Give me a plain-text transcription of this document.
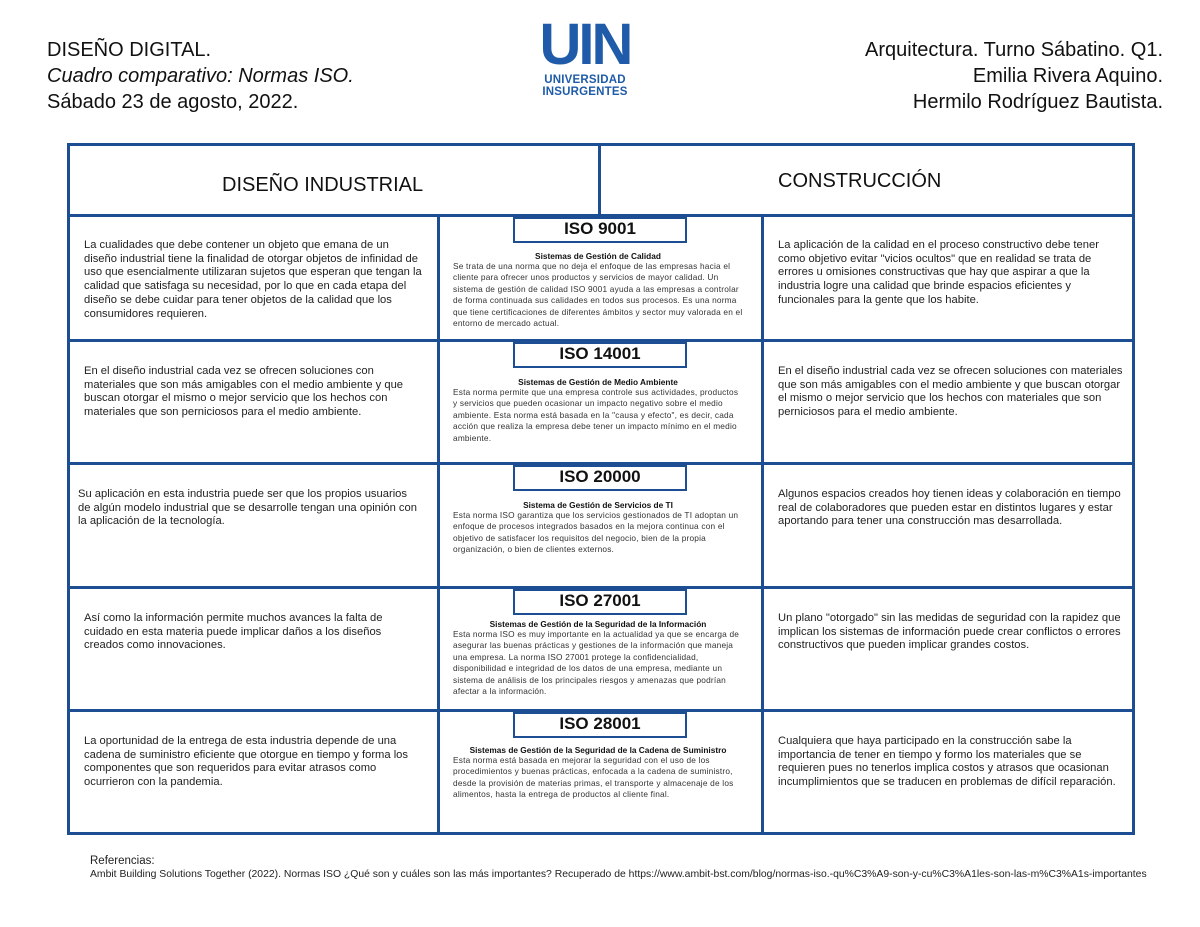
DISEÑO DIGITAL.
Cuadro comparativo: Normas ISO.
Sábado 23 de agosto, 2022.
UIN
UNIVERSIDAD
INSURGENTES
Arquitectura. Turno Sábatino. Q1.
Emilia Rivera Aquino.
Hermilo Rodríguez Bautista.
DISEÑO INDUSTRIAL	CONSTRUCCIÓN
La cualidades que debe contener un objeto que emana de un diseño industrial tiene la finalidad de otorgar objetos de infinidad de uso que esencialmente utilizaran sujetos que esperan que tengan la calidad que satisfaga su necesidad, por lo que en cada etapa del diseño se debe cuidar para tener objetos de la calidad que los consumidores requieren.
ISO 9001
Sistemas de Gestión de Calidad
Se trata de una norma que no deja el enfoque de las empresas hacia el cliente para ofrecer unos productos y servicios de mayor calidad. Un sistema de gestión de calidad ISO 9001 ayuda a las empresas a controlar de forma continuada sus calidades en todos sus procesos. Es una norma que tiene certificaciones de diferentes ámbitos y sector muy valorada en el entorno de mercado actual.
La aplicación de la calidad en el proceso constructivo debe tener como objetivo evitar "vicios ocultos" que en realidad se trata de errores u omisiones constructivas que hay que aspirar a que la industria logre una calidad que brinde espacios eficientes y funcionales para la gente que los habite.
En el diseño industrial cada vez se ofrecen soluciones con materiales que son más amigables con el medio ambiente y que buscan otorgar el mismo o mejor servicio que los hechos con materiales que son perniciosos para el medio ambiente.
ISO 14001
Sistemas de Gestión de Medio Ambiente
Esta norma permite que una empresa controle sus actividades, productos y servicios que pueden ocasionar un impacto negativo sobre el medio ambiente. Esta norma está basada en la "causa y efecto", es decir, cada acción que realiza la empresa debe tener un impacto mínimo en el medio ambiente.
En el diseño industrial cada vez se ofrecen soluciones con materiales que son más amigables con el medio ambiente y que buscan otorgar el mismo o mejor servicio que los hechos con materiales que son perniciosos para el medio ambiente.
Su aplicación en esta industria puede ser que los propios usuarios de algún modelo industrial que se desarrolle tengan una opinión con la aplicación de la tecnología.
ISO 20000
Sistema de Gestión de Servicios de TI
Esta norma ISO garantiza que los servicios gestionados de TI adoptan un enfoque de procesos integrados basados en la mejora continua con el objetivo de satisfacer los requisitos del negocio, bien de la propia organización, o bien de clientes externos.
Algunos espacios creados hoy tienen ideas y colaboración en tiempo real de colaboradores que pueden estar en distintos lugares y estar aportando para tener una construcción mas desarrollada.
Así como la información permite muchos avances la falta de cuidado en esta materia puede implicar daños a los diseños creados como innovaciones.
ISO 27001
Sistemas de Gestión de la Seguridad de la Información
Esta norma ISO es muy importante en la actualidad ya que se encarga de asegurar las buenas prácticas y gestiones de la información que maneja una empresa. La norma ISO 27001 protege la confidencialidad, disponibilidad e integridad de los datos de una empresa, mediante un sistema de análisis de los principales riesgos y amenazas que podrían afectar a la información.
Un plano "otorgado" sin las medidas de seguridad con la rapidez que implican los sistemas de información puede crear conflictos o errores constructivos que pueden implicar grandes costos.
La oportunidad de la entrega de esta industria depende de una cadena de suministro eficiente que otorgue en tiempo y forma los componentes que son requeridos para evitar atrasos como ocurrieron con la pandemia.
ISO 28001
Sistemas de Gestión de la Seguridad de la Cadena de Suministro
Esta norma está basada en mejorar la seguridad con el uso de los procedimientos y buenas prácticas, enfocada a la cadena de suministro, desde la provisión de materias primas, el transporte y almacenaje de los alimentos, hasta la entrega de productos al cliente final.
Cualquiera que haya participado en la construcción sabe la importancia de tener en tiempo y formo los materiales que se requieren pues no tenerlos implica costos y atrasos que ocasionan incumplimientos que se traducen en problemas de difícil reparación.
Referencias:
Ambit Building Solutions Together (2022). Normas ISO ¿Qué son y cuáles son las más importantes? Recuperado de https://www.ambit-bst.com/blog/normas-iso.-qu%C3%A9-son-y-cu%C3%A1les-son-las-m%C3%A1s-importantes
